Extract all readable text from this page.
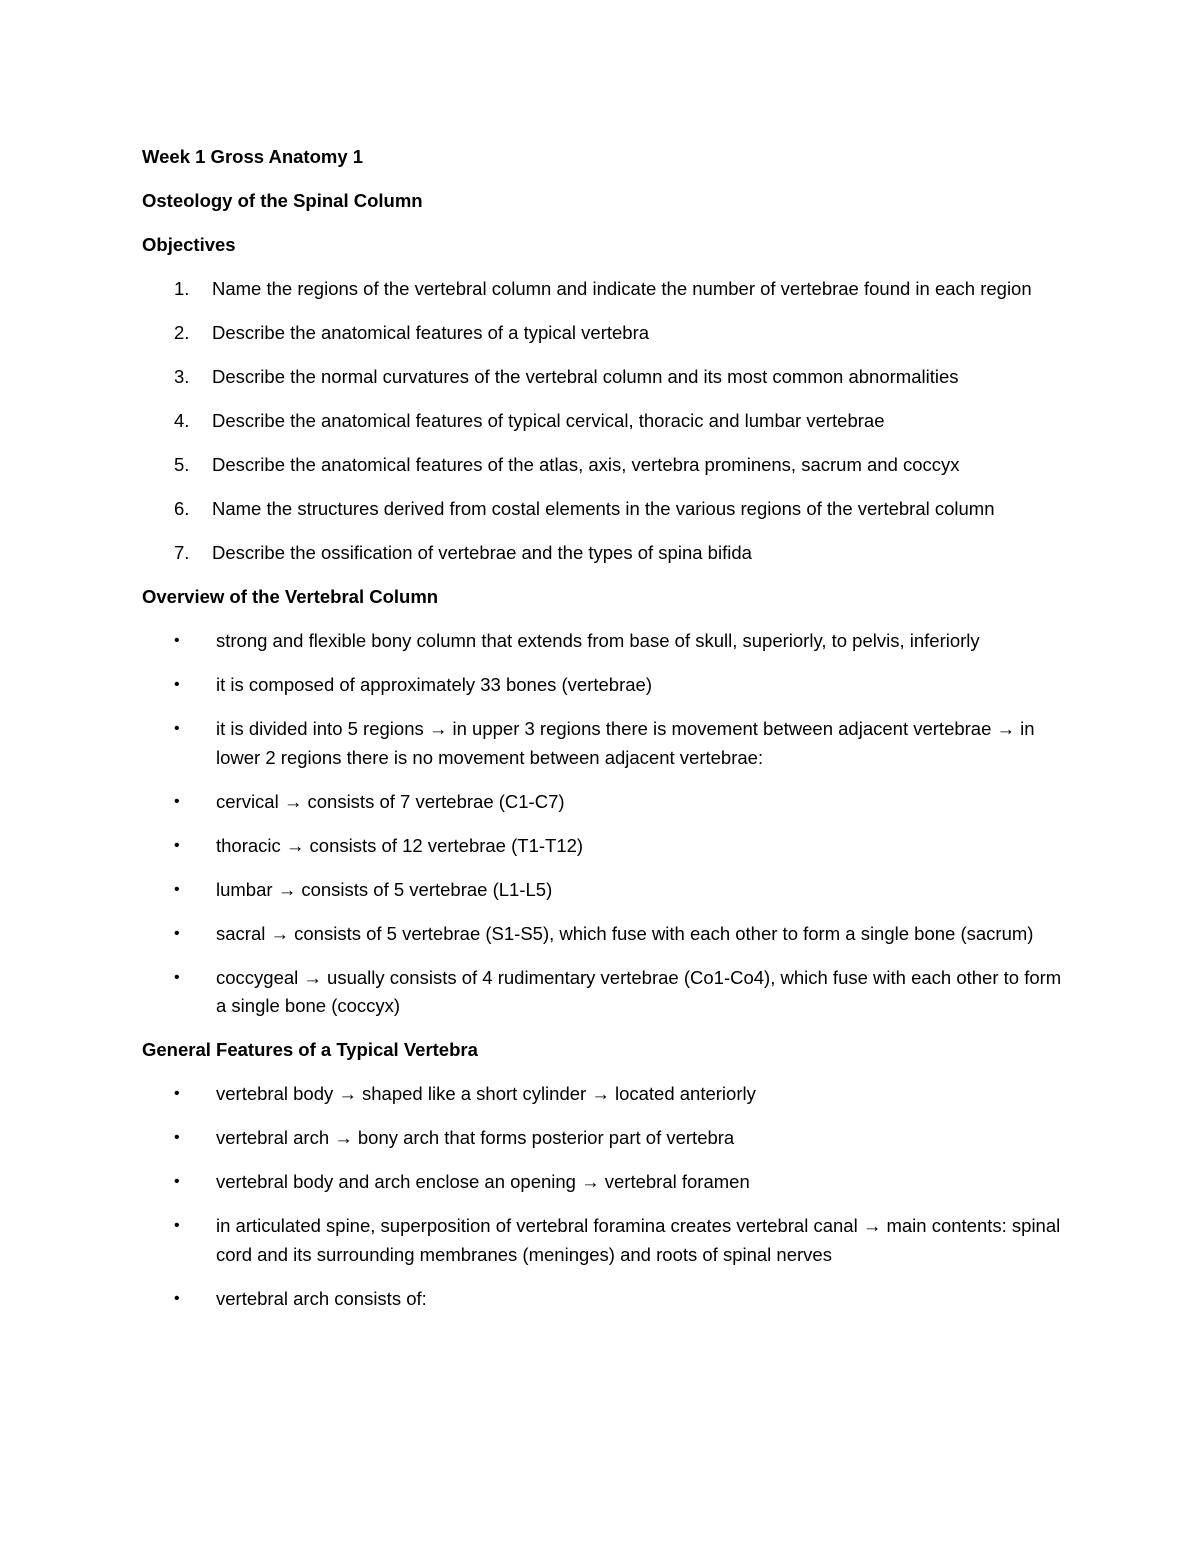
Week 1 Gross Anatomy 1
Osteology of the Spinal Column
Objectives
1. Name the regions of the vertebral column and indicate the number of vertebrae found in each region
2. Describe the anatomical features of a typical vertebra
3. Describe the normal curvatures of the vertebral column and its most common abnormalities
4. Describe the anatomical features of typical cervical, thoracic and lumbar vertebrae
5. Describe the anatomical features of the atlas, axis, vertebra prominens, sacrum and coccyx
6. Name the structures derived from costal elements in the various regions of the vertebral column
7. Describe the ossification of vertebrae and the types of spina bifida
Overview of the Vertebral Column
• strong and flexible bony column that extends from base of skull, superiorly, to pelvis, inferiorly
• it is composed of approximately 33 bones (vertebrae)
• it is divided into 5 regions → in upper 3 regions there is movement between adjacent vertebrae → in lower 2 regions there is no movement between adjacent vertebrae:
• cervical → consists of 7 vertebrae (C1-C7)
• thoracic → consists of 12 vertebrae (T1-T12)
• lumbar → consists of 5 vertebrae (L1-L5)
• sacral → consists of 5 vertebrae (S1-S5), which fuse with each other to form a single bone (sacrum)
• coccygeal → usually consists of 4 rudimentary vertebrae (Co1-Co4), which fuse with each other to form a single bone (coccyx)
General Features of a Typical Vertebra
• vertebral body → shaped like a short cylinder → located anteriorly
• vertebral arch → bony arch that forms posterior part of vertebra
• vertebral body and arch enclose an opening → vertebral foramen
• in articulated spine, superposition of vertebral foramina creates vertebral canal → main contents: spinal cord and its surrounding membranes (meninges) and roots of spinal nerves
• vertebral arch consists of:
